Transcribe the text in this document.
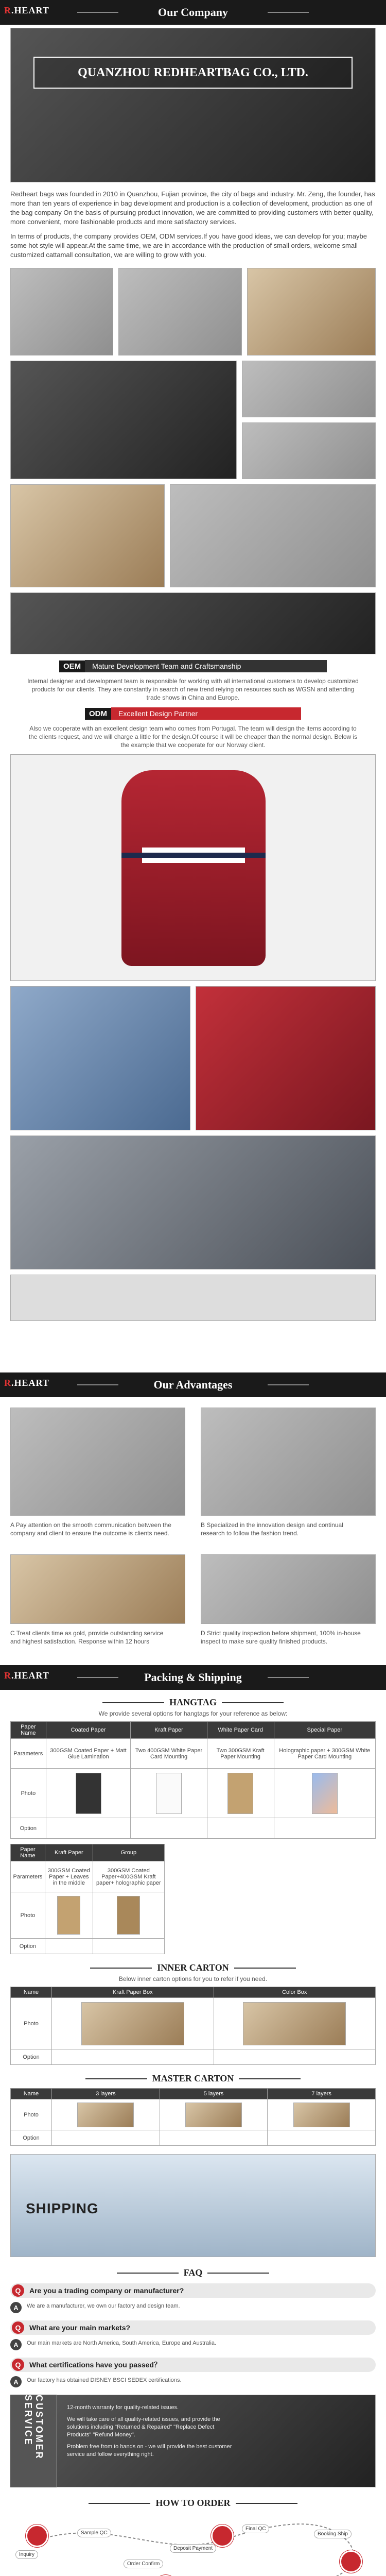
R.HEART	Our Company
QUANZHOU REDHEARTBAG CO., LTD.

Redheart bags was founded in 2010 in Quanzhou, Fujian province, the city of bags and industry. Mr. Zeng, the founder, has more than ten years of experience in bag development and production is a collection of development, production as one of the bag company On the basis of pursuing product innovation, we are committed to providing customers with better quality, more convenient, more fashionable products and more satisfactory services.

In terms of products, the company provides OEM, ODM services.If you have good ideas, we can develop for you; maybe some hot style will appear.At the same time, we are in accordance with the production of small orders, welcome small customized cattamall consultation, we are willing to grow with you.

OEM	Mature Development Team and Craftsmanship

Internal designer and development team is responsible for working with all international customers to develop customized products for our clients. They are constantly in search of new trend relying on resources such as WGSN and attending trade shows in China and Europe.

ODM	Excellent Design Partner

Also we cooperate with an excellent design team who comes from Portugal. The team will design the items according to the clients request, and we will charge a little for the design.Of course it will be cheaper than the normal design. Below is the example that we cooperate for our Norway client.

R.HEART	Our Advantages

A Pay attention on the smooth communication between the company and client to ensure the outcome is clients need.

B Specialized in the innovation design and continual research to follow the fashion trend.

C Treat clients time as gold, provide outstanding service and highest satisfaction. Response within 12 hours

D Strict quality inspection before shipment, 100% in-house inspect to make sure quality finished products.

R.HEART	Packing & Shipping
HANGTAG
We provide several options for hangtags for your reference as below:
Paper Name	Coated Paper	Kraft Paper	White Paper Card	Special Paper
Parameters	300GSM Coated Paper + Matt Glue Lamination	Two 400GSM White Paper Card Mounting	Two 300GSM Kraft Paper Mounting	Holographic paper + 300GSM White Paper Card Mounting
Photo	

Option				
Paper Name	Kraft Paper	Group
Parameters	300GSM Coated Paper + Leaves in the middle	300GSM Coated Paper+400GSM Kraft paper+ holographic paper
Photo	

Option		
INNER CARTON
Below inner carton options for you to refer if you need.
Name	Kraft Paper Box	Color Box
Photo	

Option		
MASTER CARTON
Name	3 layers	5 layers	7 layers
Photo	

Option			
SHIPPING
FAQ
Q	Are you a trading company or manufacturer?
A	We are a manufacturer, we own our factory and design team.
Q	What are your main markets?
A	Our main markets are North America, South America, Europe and Australia.
Q	What certifications have you passed？
A	Our factory has obtained DISNEY BSCI SEDEX certifications.
CUSTOMER SERVICE	12-month warranty for quality-related issues.
We will take care of all quality-related issues, and provide the solutions including "Returned & Repaired" "Replace Defect Products" "Refund Money".
Problem free from to hands on - we will provide the best customer service and follow everything right.
HOW TO ORDER
Inquiry
Sample QC
Order Confirm
Deposit Payment
Final QC
Booking Ship
